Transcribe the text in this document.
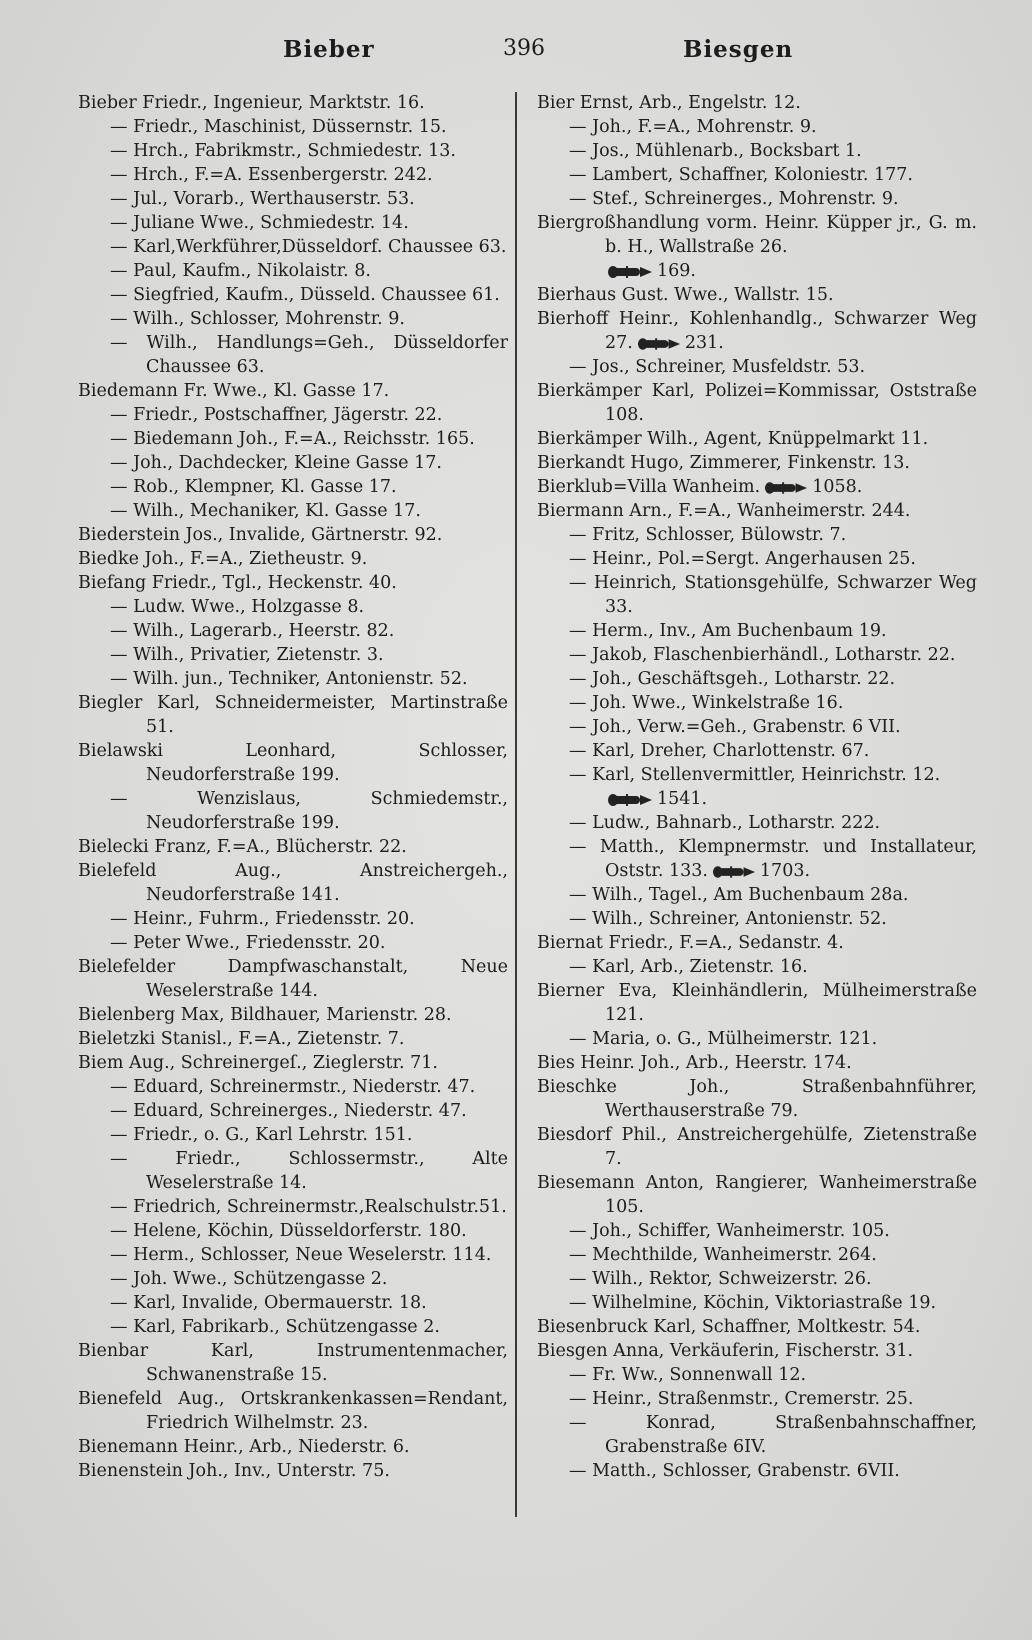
Bieber	396	Biesgen
Bieber Friedr., Ingenieur, Marktstr. 16.
— Friedr., Maschinist, Düssernstr. 15.
— Hrch., Fabrikmstr., Schmiedestr. 13.
— Hrch., F.=A. Essenbergerstr. 242.
— Jul., Vorarb., Werthauserstr. 53.
— Juliane Wwe., Schmiedestr. 14.
— Karl,Werkführer,Düsseldorf. Chaussee 63.
— Paul, Kaufm., Nikolaistr. 8.
— Siegfried, Kaufm., Düsseld. Chaussee 61.
— Wilh., Schlosser, Mohrenstr. 9.
— Wilh., Handlungs=Geh., Düsseldorfer Chaussee 63.
Biedemann Fr. Wwe., Kl. Gasse 17.
— Friedr., Postschaffner, Jägerstr. 22.
— Biedemann Joh., F.=A., Reichsstr. 165.
— Joh., Dachdecker, Kleine Gasse 17.
— Rob., Klempner, Kl. Gasse 17.
— Wilh., Mechaniker, Kl. Gasse 17.
Biederstein Jos., Invalide, Gärtnerstr. 92.
Biedke Joh., F.=A., Zietheustr. 9.
Biefang Friedr., Tgl., Heckenstr. 40.
— Ludw. Wwe., Holzgasse 8.
— Wilh., Lagerarb., Heerstr. 82.
— Wilh., Privatier, Zietenstr. 3.
— Wilh. jun., Techniker, Antonienstr. 52.
Biegler Karl, Schneidermeister, Martinstraße 51.
Bielawski Leonhard, Schlosser, Neudorferstraße 199.
— Wenzislaus, Schmiedemstr., Neudorferstraße 199.
Bielecki Franz, F.=A., Blücherstr. 22.
Bielefeld Aug., Anstreichergeh., Neudorferstraße 141.
— Heinr., Fuhrm., Friedensstr. 20.
— Peter Wwe., Friedensstr. 20.
Bielefelder Dampfwaschanstalt, Neue Weselerstraße 144.
Bielenberg Max, Bildhauer, Marienstr. 28.
Bieletzki Stanisl., F.=A., Zietenstr. 7.
Biem Aug., Schreinergeſ., Zieglerstr. 71.
— Eduard, Schreinermstr., Niederstr. 47.
— Eduard, Schreinerges., Niederstr. 47.
— Friedr., o. G., Karl Lehrstr. 151.
— Friedr., Schlossermstr., Alte Weselerstraße 14.
— Friedrich, Schreinermstr.,Realschulstr.51.
— Helene, Köchin, Düsseldorferstr. 180.
— Herm., Schlosser, Neue Weselerstr. 114.
— Joh. Wwe., Schützengasse 2.
— Karl, Invalide, Obermauerstr. 18.
— Karl, Fabrikarb., Schützengasse 2.
Bienbar Karl, Instrumentenmacher, Schwanenstraße 15.
Bienefeld Aug., Ortskrankenkassen=Rendant, Friedrich Wilhelmstr. 23.
Bienemann Heinr., Arb., Niederstr. 6.
Bienenstein Joh., Inv., Unterstr. 75.
Bier Ernst, Arb., Engelstr. 12.
— Joh., F.=A., Mohrenstr. 9.
— Jos., Mühlenarb., Bocksbart 1.
— Lambert, Schaffner, Koloniestr. 177.
— Stef., Schreinerges., Mohrenstr. 9.
Biergroßhandlung vorm. Heinr. Küpper jr., G. m. b. H., Wallstraße 26.
169.
Bierhaus Gust. Wwe., Wallstr. 15.
Bierhoff Heinr., Kohlenhandlg., Schwarzer Weg 27.	231.
— Jos., Schreiner, Musfeldstr. 53.
Bierkämper Karl, Polizei=Kommissar, Oststraße 108.
Bierkämper Wilh., Agent, Knüppelmarkt 11.
Bierkandt Hugo, Zimmerer, Finkenstr. 13.
Bierklub=Villa Wanheim.	1058.
Biermann Arn., F.=A., Wanheimerstr. 244.
— Fritz, Schlosser, Bülowstr. 7.
— Heinr., Pol.=Sergt. Angerhausen 25.
— Heinrich, Stationsgehülfe, Schwarzer Weg 33.
— Herm., Inv., Am Buchenbaum 19.
— Jakob, Flaschenbierhändl., Lotharstr. 22.
— Joh., Geschäftsgeh., Lotharstr. 22.
— Joh. Wwe., Winkelstraße 16.
— Joh., Verw.=Geh., Grabenstr. 6 VII.
— Karl, Dreher, Charlottenstr. 67.
— Karl, Stellenvermittler, Heinrichstr. 12.
1541.
— Ludw., Bahnarb., Lotharstr. 222.
— Matth., Klempnermstr. und Installateur, Oststr. 133.	1703.
— Wilh., Tagel., Am Buchenbaum 28a.
— Wilh., Schreiner, Antonienstr. 52.
Biernat Friedr., F.=A., Sedanstr. 4.
— Karl, Arb., Zietenstr. 16.
Bierner Eva, Kleinhändlerin, Mülheimerstraße 121.
— Maria, o. G., Mülheimerstr. 121.
Bies Heinr. Joh., Arb., Heerstr. 174.
Bieschke Joh., Straßenbahnführer, Werthauserstraße 79.
Biesdorf Phil., Anstreichergehülfe, Zietenstraße 7.
Biesemann Anton, Rangierer, Wanheimerstraße 105.
— Joh., Schiffer, Wanheimerstr. 105.
— Mechthilde, Wanheimerstr. 264.
— Wilh., Rektor, Schweizerstr. 26.
— Wilhelmine, Köchin, Viktoriastraße 19.
Biesenbruck Karl, Schaffner, Moltkestr. 54.
Biesgen Anna, Verkäuferin, Fischerstr. 31.
— Fr. Ww., Sonnenwall 12.
— Heinr., Straßenmstr., Cremerstr. 25.
— Konrad, Straßenbahnschaffner, Grabenstraße 6IV.
— Matth., Schlosser, Grabenstr. 6VII.
